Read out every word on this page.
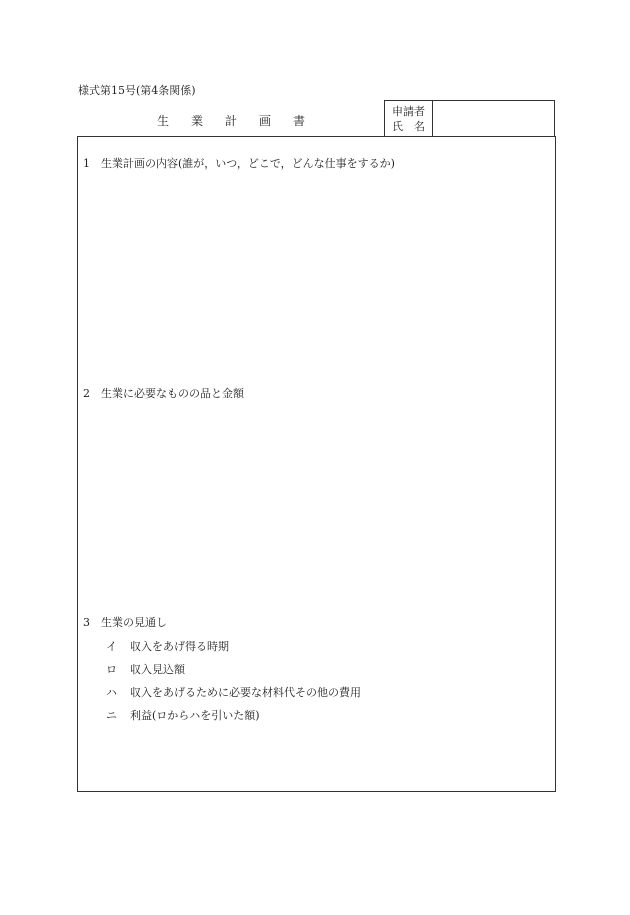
様式第15号(第4条関係)
生業計画書
申請者
氏　名
1 生業計画の内容(誰が，いつ，どこで，どんな仕事をするか)
2 生業に必要なものの品と金額
3 生業の見通し
イ 収入をあげ得る時期
ロ 収入見込額
ハ 収入をあげるために必要な材料代その他の費用
ニ 利益(ロからハを引いた額)
